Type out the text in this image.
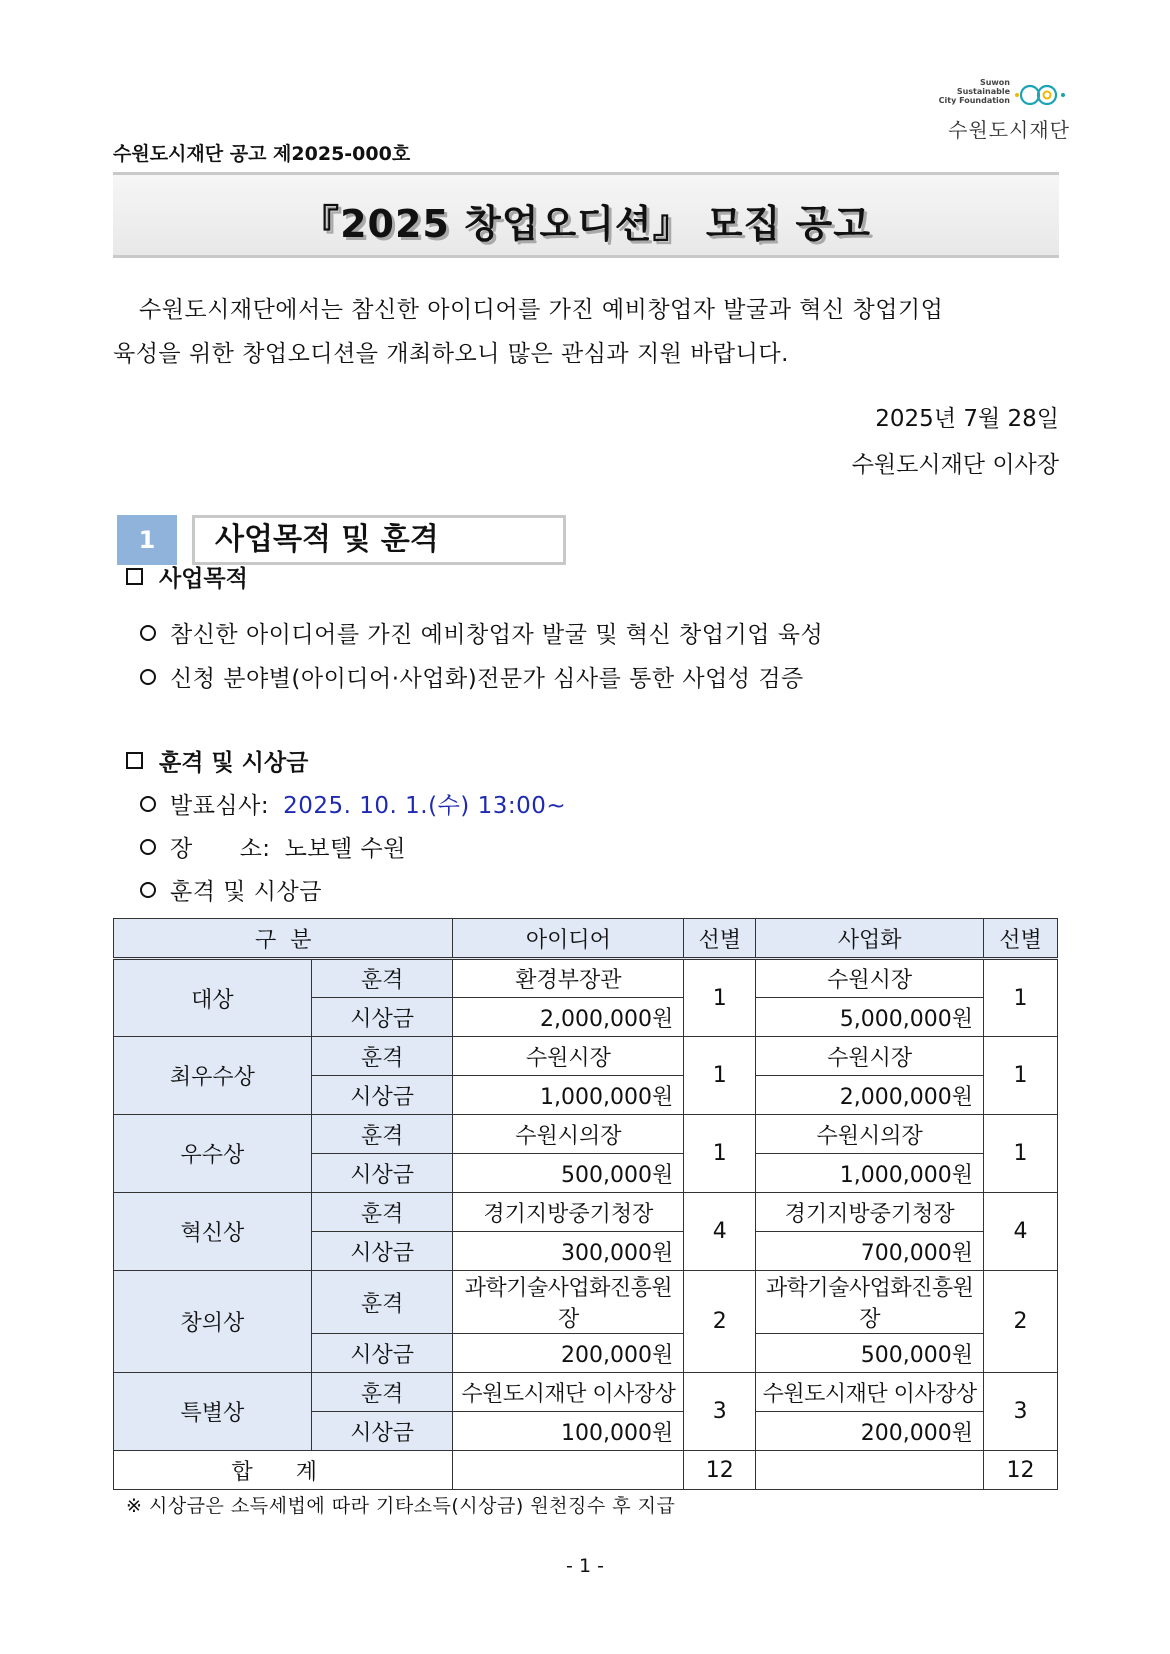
Suwon
Sustainable
City Foundation
수원도시재단
수원도시재단 공고 제2025-000호
『2025 창업오디션』 모집 공고
수원도시재단에서는 참신한 아이디어를 가진 예비창업자 발굴과 혁신 창업기업
육성을 위한 창업오디션을 개최하오니 많은 관심과 지원 바랍니다.
2025년 7월 28일
수원도시재단 이사장
1	사업목적 및 훈격
사업목적
참신한 아이디어를 가진 예비창업자 발굴 및 혁신 창업기업 육성
신청 분야별(아이디어·사업화)전문가 심사를 통한 사업성 검증
훈격 및 시상금
발표심사: 2025. 10. 1.(수) 13:00~
장      소: 노보텔 수원
훈격 및 시상금
구  분		아이디어	선별	사업화	선별
대상	훈격	환경부장관	1	수원시장	1
	시상금	2,000,000원		5,000,000원	
최우수상	훈격	수원시장	1	수원시장	1
	시상금	1,000,000원		2,000,000원	
우수상	훈격	수원시의장	1	수원시의장	1
	시상금	500,000원		1,000,000원	
혁신상	훈격	경기지방중기청장	4	경기지방중기청장	4
	시상금	300,000원		700,000원	
창의상	훈격	과학기술사업화진흥원장	2	과학기술사업화진흥원장	2
	시상금	200,000원		500,000원	
특별상	훈격	수원도시재단 이사장상	3	수원도시재단 이사장상	3
	시상금	100,000원		200,000원	
합 계			12		12
※ 시상금은 소득세법에 따라 기타소득(시상금) 원천징수 후 지급
- 1 -
